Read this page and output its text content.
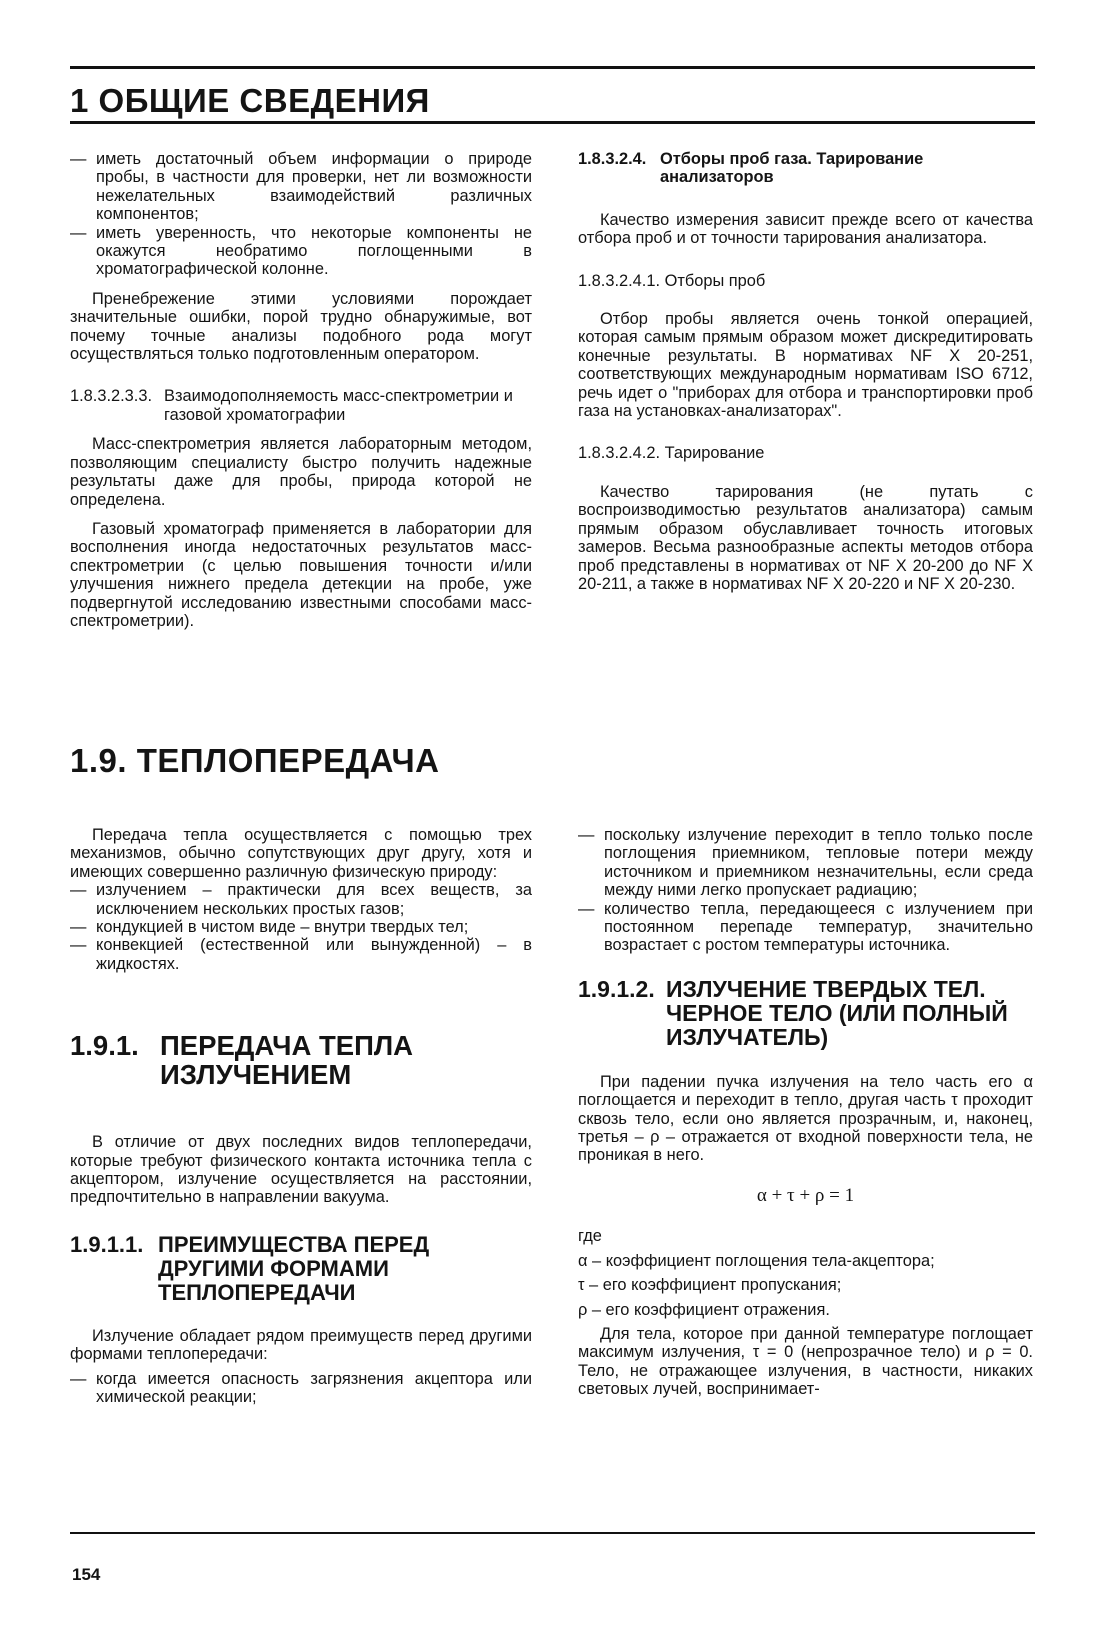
1 ОБЩИЕ СВЕДЕНИЯ
— иметь достаточный объем информации о природе пробы, в частности для проверки, нет ли возможности нежелательных взаимодействий различных компонентов;
— иметь уверенность, что некоторые компоненты не окажутся необратимо поглощенными в хроматографической колонне.

Пренебрежение этими условиями порождает значительные ошибки, порой трудно обнаружимые, вот почему точные анализы подобного рода могут осуществляться только подготовленным оператором.

1.8.3.2.3.3. Взаимодополняемость масс-спектрометрии и газовой хроматографии

Масс-спектрометрия является лабораторным методом, позволяющим специалисту быстро получить надежные результаты даже для пробы, природа которой не определена.

Газовый хроматограф применяется в лаборатории для восполнения иногда недостаточных результатов масс-спектрометрии (с целью повышения точности и/или улучшения нижнего предела детекции на пробе, уже подвергнутой исследованию известными способами масс-спектрометрии).

1.8.3.2.4. Отборы проб газа. Тарирование анализаторов

Качество измерения зависит прежде всего от качества отбора проб и от точности тарирования анализатора.

1.8.3.2.4.1. Отборы проб

Отбор пробы является очень тонкой операцией, которая самым прямым образом может дискредитировать конечные результаты. В нормативах NF X 20-251, соответствующих международным нормативам ISO 6712, речь идет о "приборах для отбора и транспортировки проб газа на установках-анализаторах".

1.8.3.2.4.2. Тарирование

Качество тарирования (не путать с воспроизводимостью результатов анализатора) самым прямым образом обуславливает точность итоговых замеров. Весьма разнообразные аспекты методов отбора проб представлены в нормативах от NF X 20-200 до NF X 20-211, а также в нормативах NF X 20-220 и NF X 20-230.

1.9. ТЕПЛОПЕРЕДАЧА

Передача тепла осуществляется с помощью трех механизмов, обычно сопутствующих друг другу, хотя и имеющих совершенно различную физическую природу:

— излучением – практически для всех веществ, за исключением нескольких простых газов;
— кондукцией в чистом виде – внутри твердых тел;
— конвекцией (естественной или вынужденной) – в жидкостях.
1.9.1. ПЕРЕДАЧА ТЕПЛА ИЗЛУЧЕНИЕМ

В отличие от двух последних видов теплопередачи, которые требуют физического контакта источника тепла с акцептором, излучение осуществляется на расстоянии, предпочтительно в направлении вакуума.

1.9.1.1. ПРЕИМУЩЕСТВА ПЕРЕД ДРУГИМИ ФОРМАМИ ТЕПЛОПЕРЕДАЧИ

Излучение обладает рядом преимуществ перед другими формами теплопередачи:

— когда имеется опасность загрязнения акцептора или химической реакции;
— поскольку излучение переходит в тепло только после поглощения приемником, тепловые потери между источником и приемником незначительны, если среда между ними легко пропускает радиацию;
— количество тепла, передающееся с излучением при постоянном перепаде температур, значительно возрастает с ростом температуры источника.
1.9.1.2. ИЗЛУЧЕНИЕ ТВЕРДЫХ ТЕЛ. ЧЕРНОЕ ТЕЛО (ИЛИ ПОЛНЫЙ ИЗЛУЧАТЕЛЬ)

При падении пучка излучения на тело часть его α поглощается и переходит в тепло, другая часть τ проходит сквозь тело, если оно является прозрачным, и, наконец, третья – ρ – отражается от входной поверхности тела, не проникая в него.

α + τ + ρ = 1

где

α – коэффициент поглощения тела-акцептора;

τ – его коэффициент пропускания;

ρ – его коэффициент отражения.

Для тела, которое при данной температуре поглощает максимум излучения, τ = 0 (непрозрачное тело) и ρ = 0. Тело, не отражающее излучения, в частности, никаких световых лучей, воспринимает-

154
